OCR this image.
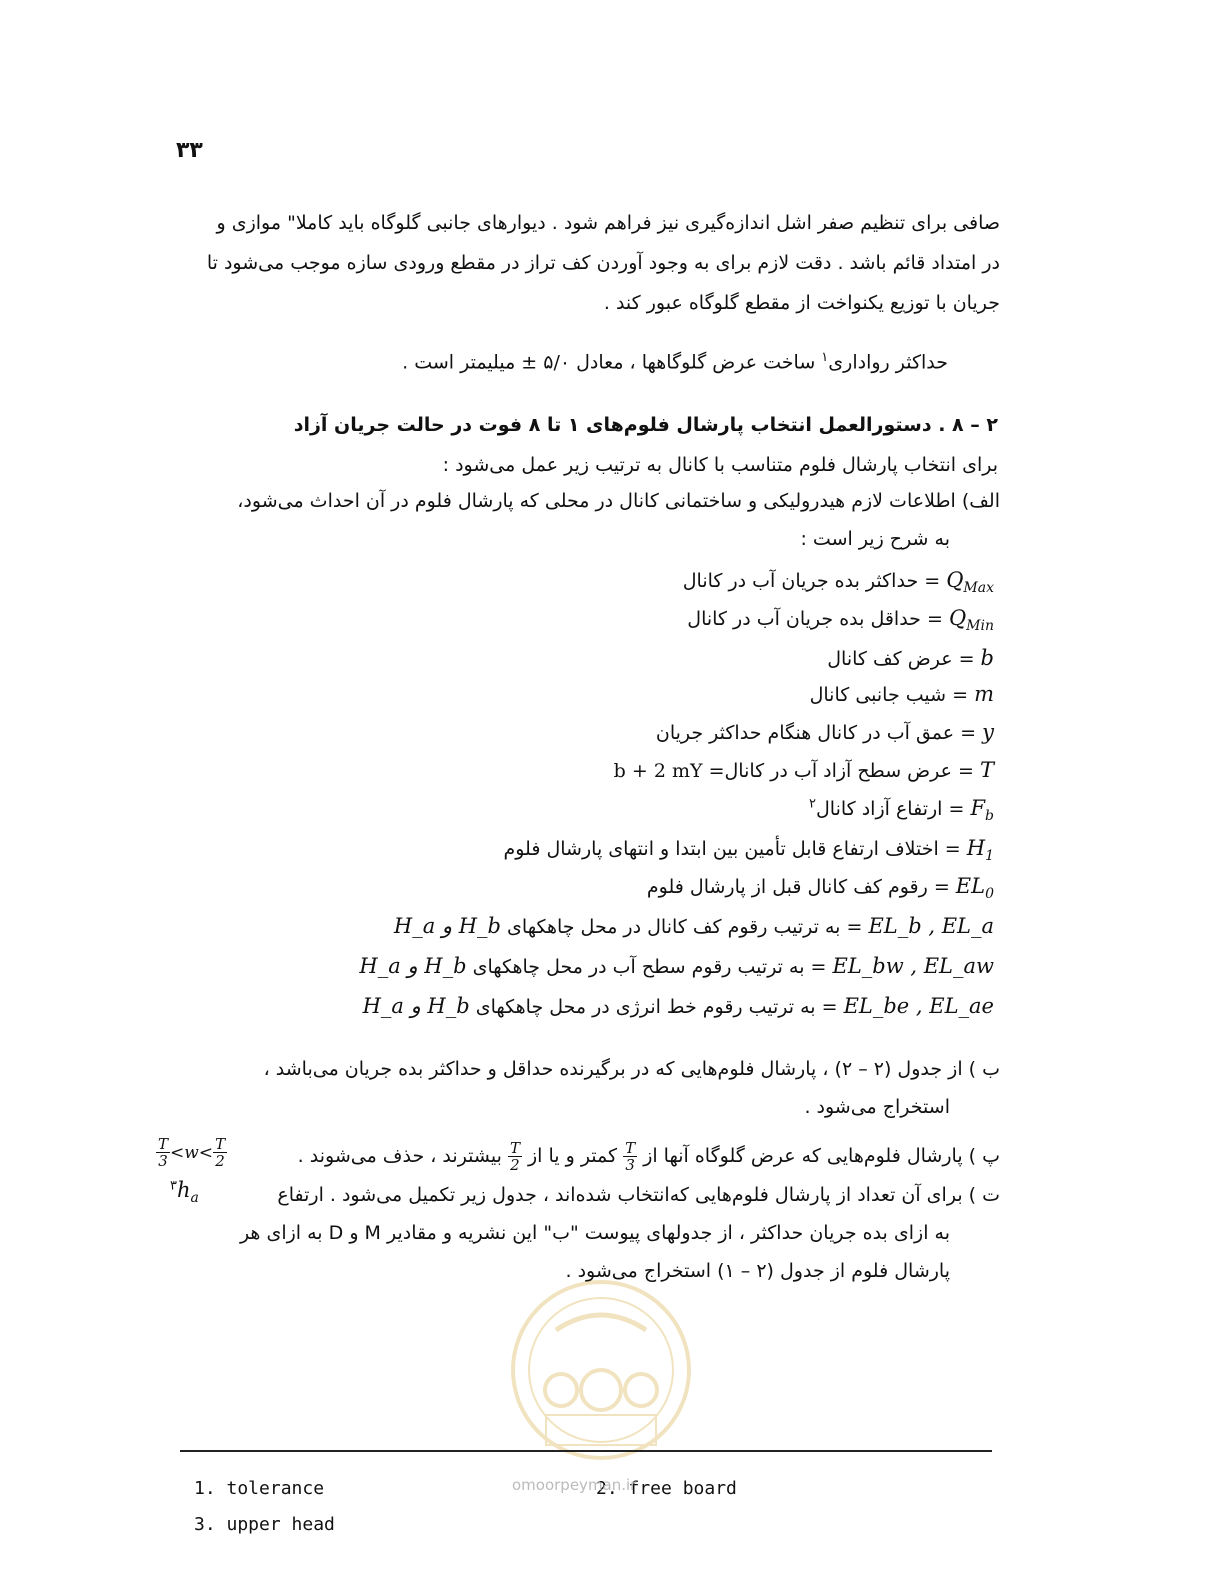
۳۳
صافی برای تنظیم صفر اشل اندازه‌گیری نیز فراهم شود . دیوارهای جانبی گلوگاه باید کاملا" موازی و
در امتداد قائم باشد . دقت لازم برای به وجود آوردن کف تراز در مقطع ورودی سازه موجب می‌شود تا
جریان با توزیع یکنواخت از مقطع گلوگاه عبور کند .
حداکثر رواداری$^۱$ ساخت عرض گلوگاهها ، معادل ۵/۰ ± میلیمتر است .
۲ – ۸ . دستورالعمل انتخاب پارشال فلوم‌های ۱ تا ۸ فوت در حالت جریان آزاد
برای انتخاب پارشال فلوم متناسب با کانال به ترتیب زیر عمل می‌شود :
الف) اطلاعات لازم هیدرولیکی و ساختمانی کانال در محلی که پارشال فلوم در آن احداث می‌شود،
به شرح زیر است :
$Q_{Max}$ = حداکثر بده جریان آب در کانال
$Q_{Min}$ = حداقل بده جریان آب در کانال
b = عرض کف کانال
m = شیب جانبی کانال
y = عمق آب در کانال هنگام حداکثر جریان
T = عرض سطح آزاد آب در کانال= b + 2 mY
$F_b$ = ارتفاع آزاد کانال$^۲$
$H_1$ = اختلاف ارتفاع قابل تأمین بین ابتدا و انتهای پارشال فلوم
$EL_0$ = رقوم کف کانال قبل از پارشال فلوم
EL_b , EL_a = به ترتیب رقوم کف کانال در محل چاهکهای H_a و H_b
EL_bw , EL_aw = به ترتیب رقوم سطح آب در محل چاهکهای H_a و H_b
EL_be , EL_ae = به ترتیب رقوم خط انرژی در محل چاهکهای H_a و H_b
ب ) از جدول (۲ – ۲) ، پارشال فلوم‌هایی که در برگیرنده حداقل و حداکثر بده جریان می‌باشد ،
استخراج می‌شود .
پ ) پارشال فلوم‌هایی که عرض گلوگاه آنها از
$\frac{T}{3}$
کمتر و یا از
$\frac{T}{2}$
بیشترند ، حذف می‌شوند .
$\frac{T}{3} <w< \frac{T}{2}$
ت ) برای آن تعداد از پارشال فلوم‌هایی که‌انتخاب شده‌اند ، جدول زیر تکمیل می‌شود . ارتفاع
$^۳h_a$
به ازای بده جریان حداکثر ، از جدولهای پیوست "ب" این نشریه و مقادیر M و D به ازای هر
پارشال فلوم از جدول (۲ – ۱) استخراج می‌شود .
1. tolerance	2. free board
3. upper head
omoorpeyman.ir
